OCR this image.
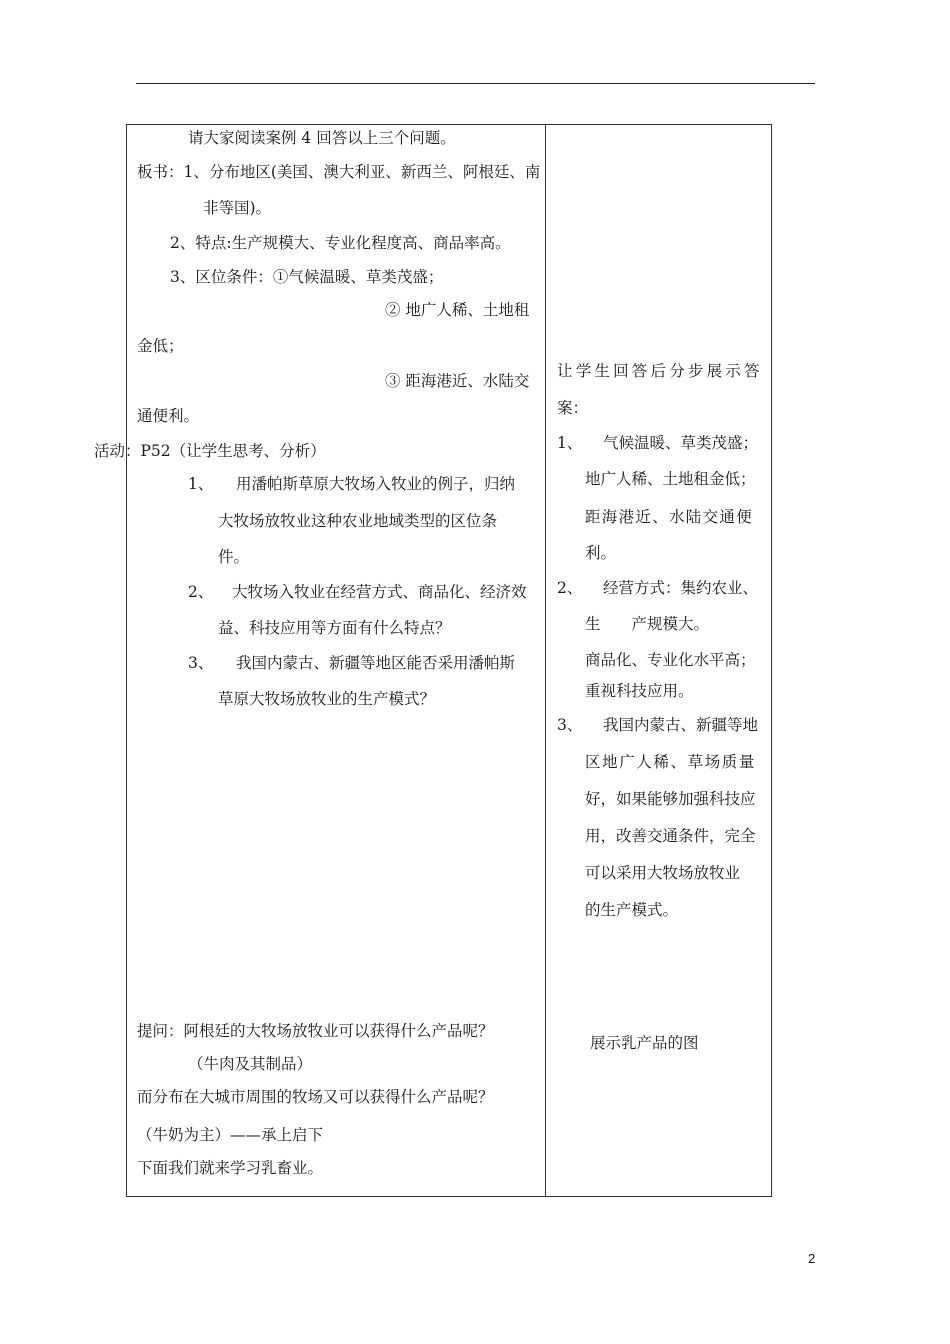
请大家阅读案例 4 回答以上三个问题。
板书：1、分布地区(美国、澳大利亚、新西兰、阿根廷、南
非等国)。
2、特点:生产规模大、专业化程度高、商品率高。
3、区位条件：①气候温暖、草类茂盛；
② 地广人稀、土地租
金低；
③ 距海港近、水陆交
通便利。
活动：P52（让学生思考、分析）
1、 用潘帕斯草原大牧场入牧业的例子，归纳
大牧场放牧业这种农业地域类型的区位条
件。
2、 大牧场入牧业在经营方式、商品化、经济效
益、科技应用等方面有什么特点？
3、 我国内蒙古、新疆等地区能否采用潘帕斯
草原大牧场放牧业的生产模式？
提问：阿根廷的大牧场放牧业可以获得什么产品呢？
（牛肉及其制品）
而分布在大城市周围的牧场又可以获得什么产品呢？
（牛奶为主）——承上启下
下面我们就来学习乳畜业。
让学生回答后分步展示答
案：
1、 气候温暖、草类茂盛；
地广人稀、土地租金低；
距海港近、水陆交通便
利。
2、 经营方式：集约农业、
生　　产规模大。
商品化、专业化水平高；
重视科技应用。
3、 我国内蒙古、新疆等地
区地广人稀、草场质量
好，如果能够加强科技应
用，改善交通条件，完全
可以采用大牧场放牧业
的生产模式。
展示乳产品的图
2
